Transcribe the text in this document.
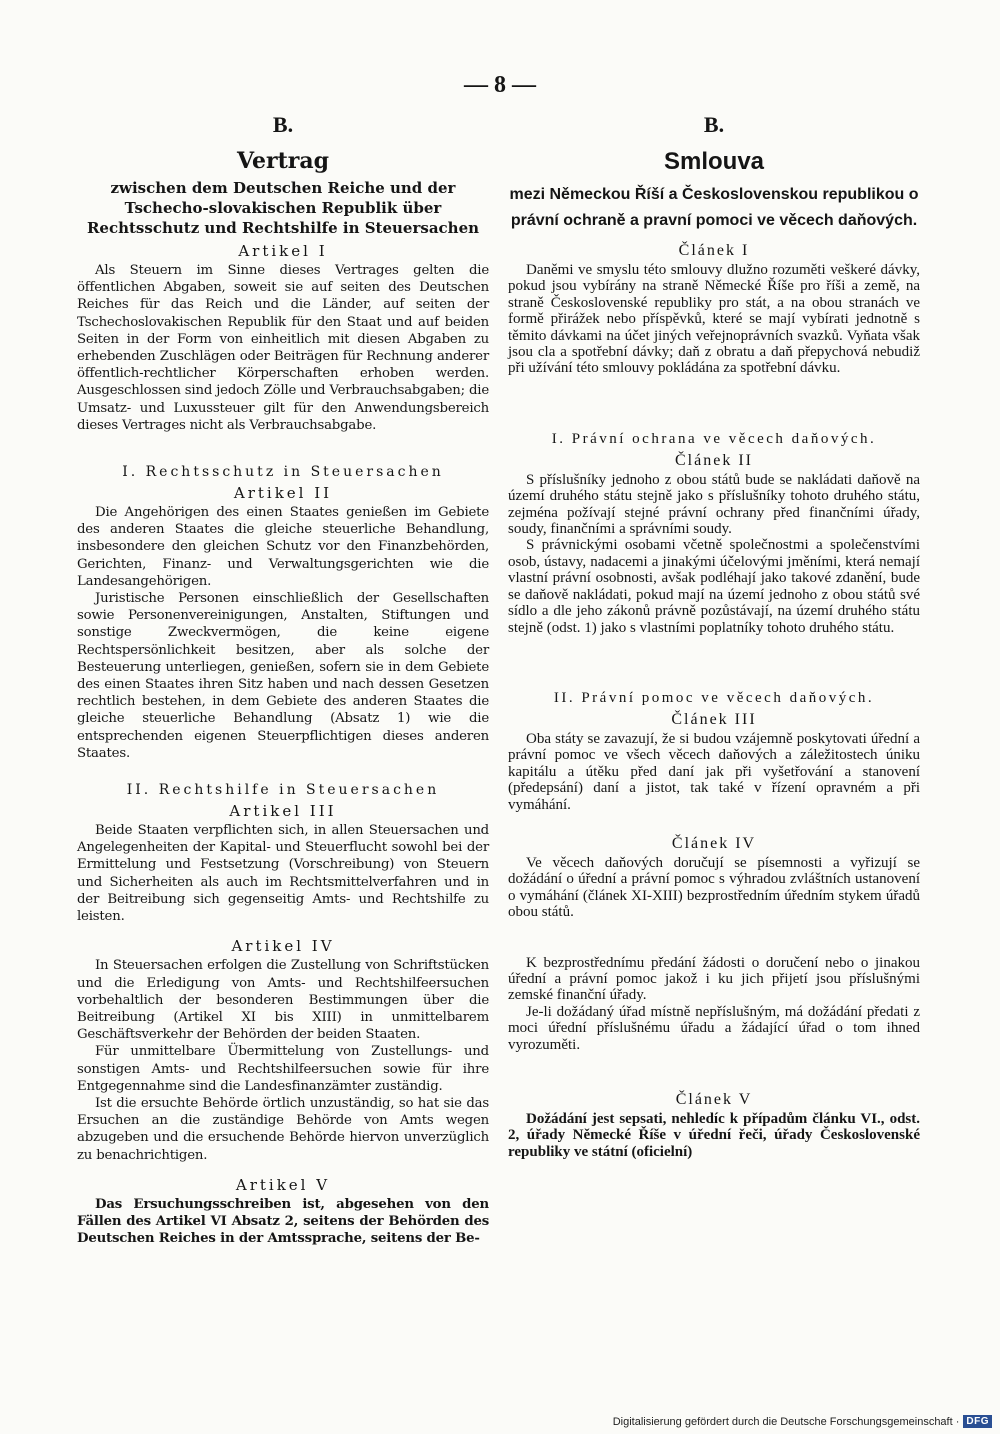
— 8 —
B.
Vertrag
zwischen dem Deutschen Reiche und der Tschecho-slovakischen Republik über Rechtsschutz und Rechtshilfe in Steuersachen
Artikel I

Als Steuern im Sinne dieses Vertrages gelten die öffentlichen Abgaben, soweit sie auf seiten des Deutschen Reiches für das Reich und die Länder, auf seiten der Tschechoslovakischen Republik für den Staat und auf beiden Seiten in der Form von einheitlich mit diesen Abgaben zu erhebenden Zuschlägen oder Beiträgen für Rechnung anderer öffentlich-rechtlicher Körperschaften erhoben werden. Ausgeschlossen sind jedoch Zölle und Verbrauchsabgaben; die Umsatz- und Luxussteuer gilt für den Anwendungsbereich dieses Vertrages nicht als Verbrauchsabgabe.

I. Rechtsschutz in Steuersachen
Artikel II

Die Angehörigen des einen Staates genießen im Gebiete des anderen Staates die gleiche steuerliche Behandlung, insbesondere den gleichen Schutz vor den Finanzbehörden, Gerichten, Finanz- und Verwaltungsgerichten wie die Landesangehörigen.

Juristische Personen einschließlich der Gesellschaften sowie Personenvereinigungen, Anstalten, Stiftungen und sonstige Zweckvermögen, die keine eigene Rechtspersönlichkeit besitzen, aber als solche der Besteuerung unterliegen, genießen, sofern sie in dem Gebiete des einen Staates ihren Sitz haben und nach dessen Gesetzen rechtlich bestehen, in dem Gebiete des anderen Staates die gleiche steuerliche Behandlung (Absatz 1) wie die entsprechenden eigenen Steuerpflichtigen dieses anderen Staates.

II. Rechtshilfe in Steuersachen
Artikel III

Beide Staaten verpflichten sich, in allen Steuersachen und Angelegenheiten der Kapital- und Steuerflucht sowohl bei der Ermittelung und Festsetzung (Vorschreibung) von Steuern und Sicherheiten als auch im Rechtsmittelverfahren und in der Beitreibung sich gegenseitig Amts- und Rechtshilfe zu leisten.

Artikel IV

In Steuersachen erfolgen die Zustellung von Schriftstücken und die Erledigung von Amts- und Rechtshilfeersuchen vorbehaltlich der besonderen Bestimmungen über die Beitreibung (Artikel XI bis XIII) in unmittelbarem Geschäftsverkehr der Behörden der beiden Staaten.

Für unmittelbare Übermittelung von Zustellungs- und sonstigen Amts- und Rechtshilfeersuchen sowie für ihre Entgegennahme sind die Landesfinanzämter zuständig.

Ist die ersuchte Behörde örtlich unzuständig, so hat sie das Ersuchen an die zuständige Behörde von Amts wegen abzugeben und die ersuchende Behörde hiervon unverzüglich zu benachrichtigen.

Artikel V

Das Ersuchungsschreiben ist, abgesehen von den Fällen des Artikel VI Absatz 2, seitens der Behörden des Deutschen Reiches in der Amtssprache, seitens der Be-

B.
Smlouva
mezi Německou Říší a Československou republikou o právní ochraně a pravní pomoci ve věcech daňových.
Článek I

Daněmi ve smyslu této smlouvy dlužno rozuměti veškeré dávky, pokud jsou vybírány na straně Německé Říše pro říši a země, na straně Československé republiky pro stát, a na obou stranách ve formě přirážek nebo příspěvků, které se mají vybírati jednotně s těmito dávkami na účet jiných veřejnoprávních svazků. Vyňata však jsou cla a spotřební dávky; daň z obratu a daň přepychová nebudiž při užívání této smlouvy pokládána za spotřební dávku.

I. Právní ochrana ve věcech daňových.
Článek II

S příslušníky jednoho z obou států bude se nakládati daňově na území druhého státu stejně jako s příslušníky tohoto druhého státu, zejména požívají stejné právní ochrany před finančními úřady, soudy, finančními a správními soudy.

S právnickými osobami včetně společnostmi a společenstvími osob, ústavy, nadacemi a jinakými účelovými jměními, která nemají vlastní právní osobnosti, avšak podléhají jako takové zdanění, bude se daňově nakládati, pokud mají na území jednoho z obou států své sídlo a dle jeho zákonů právně pozůstávají, na území druhého státu stejně (odst. 1) jako s vlastními poplatníky tohoto druhého státu.

II. Právní pomoc ve věcech daňových.
Článek III

Oba státy se zavazují, že si budou vzájemně poskytovati úřední a právní pomoc ve všech věcech daňových a záležitostech úniku kapitálu a útěku před daní jak při vyšetřování a stanovení (předepsání) daní a jistot, tak také v řízení opravném a při vymáhání.

Článek IV

Ve věcech daňových doručují se písemnosti a vyřizují se dožádání o úřední a právní pomoc s výhradou zvláštních ustanovení o vymáhání (článek XI-XIII) bezprostředním úředním stykem úřadů obou států.

K bezprostřednímu předání žádosti o doručení nebo o jinakou úřední a právní pomoc jakož i ku jich přijetí jsou příslušnými zemské finanční úřady.

Je-li dožádaný úřad místně nepříslušným, má dožádání předati z moci úřední příslušnému úřadu a žádající úřad o tom ihned vyrozuměti.

Článek V

Dožádání jest sepsati, nehledíc k případům článku VI., odst. 2, úřady Německé Říše v úřední řeči, úřady Československé republiky ve státní (oficielní)

Digitalisierung gefördert durch die Deutsche Forschungsgemeinschaft · DFG
